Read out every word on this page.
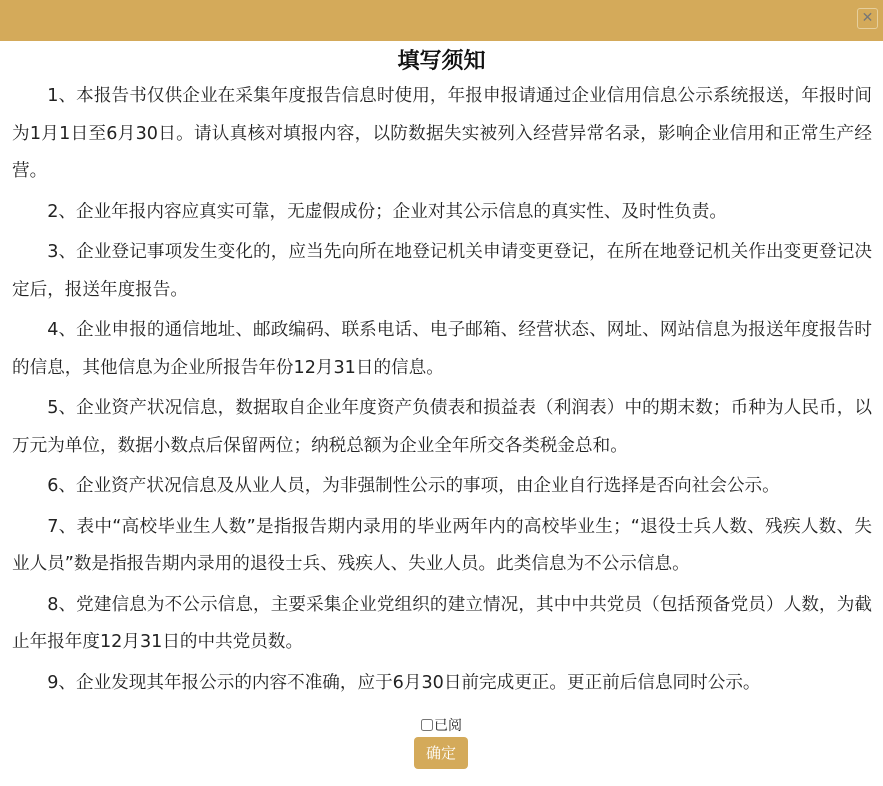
✕
填写须知

1、本报告书仅供企业在采集年度报告信息时使用，年报申报请通过企业信用信息公示系统报送，年报时间为1月1日至6月30日。请认真核对填报内容，以防数据失实被列入经营异常名录，影响企业信用和正常生产经营。

2、企业年报内容应真实可靠，无虚假成份；企业对其公示信息的真实性、及时性负责。

3、企业登记事项发生变化的，应当先向所在地登记机关申请变更登记，在所在地登记机关作出变更登记决定后，报送年度报告。

4、企业申报的通信地址、邮政编码、联系电话、电子邮箱、经营状态、网址、网站信息为报送年度报告时的信息，其他信息为企业所报告年份12月31日的信息。

5、企业资产状况信息，数据取自企业年度资产负债表和损益表（利润表）中的期末数；币种为人民币，以万元为单位，数据小数点后保留两位；纳税总额为企业全年所交各类税金总和。

6、企业资产状况信息及从业人员，为非强制性公示的事项，由企业自行选择是否向社会公示。

7、表中“高校毕业生人数”是指报告期内录用的毕业两年内的高校毕业生；“退役士兵人数、残疾人数、失业人员”数是指报告期内录用的退役士兵、残疾人、失业人员。此类信息为不公示信息。

8、党建信息为不公示信息，主要采集企业党组织的建立情况，其中中共党员（包括预备党员）人数，为截止年报年度12月31日的中共党员数。

9、企业发现其年报公示的内容不准确，应于6月30日前完成更正。更正前后信息同时公示。

已阅
确定
